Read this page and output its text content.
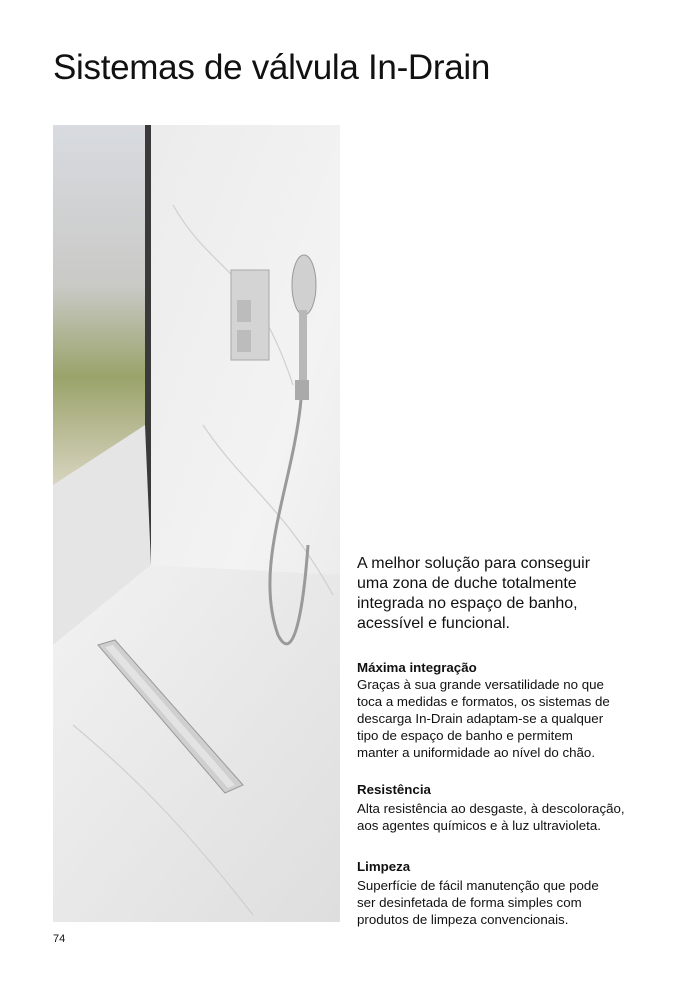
Sistemas de válvula In-Drain
A melhor solução para conseguir
uma zona de duche totalmente
integrada no espaço de banho,
acessível e funcional.
Máxima integração
Graças à sua grande versatilidade no que
toca a medidas e formatos, os sistemas de
descarga In-Drain adaptam-se a qualquer
tipo de espaço de banho e permitem
manter a uniformidade ao nível do chão.
Resistência
Alta resistência ao desgaste, à descoloração,
aos agentes químicos e à luz ultravioleta.
Limpeza
Superfície de fácil manutenção que pode
ser desinfetada de forma simples com
produtos de limpeza convencionais.
74
